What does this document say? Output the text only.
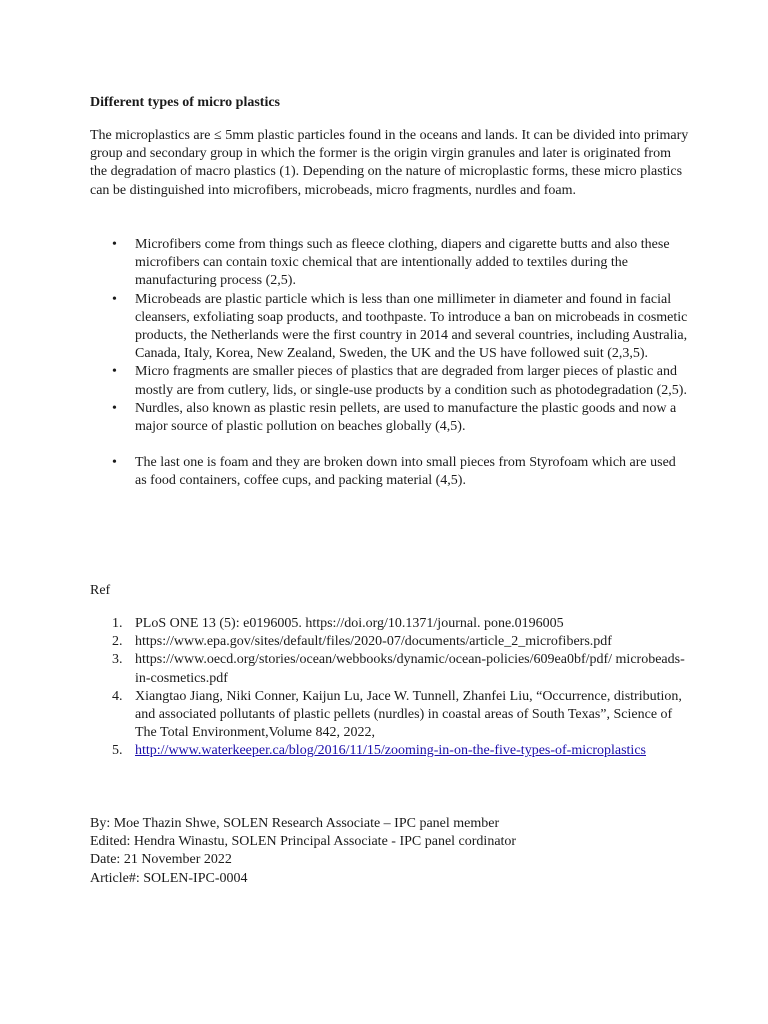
Different types of micro plastics
The microplastics are ≤ 5mm plastic particles found in the oceans and lands. It can be divided into primary group and secondary group in which the former is the origin virgin granules and later is originated from the degradation of macro plastics (1). Depending on the nature of microplastic forms, these micro plastics can be distinguished into microfibers, microbeads, micro fragments, nurdles and foam.
• Microfibers come from things such as fleece clothing, diapers and cigarette butts and also these microfibers can contain toxic chemical that are intentionally added to textiles during the manufacturing process (2,5).
• Microbeads are plastic particle which is less than one millimeter in diameter and found in facial cleansers, exfoliating soap products, and toothpaste. To introduce a ban on microbeads in cosmetic products, the Netherlands were the first country in 2014 and several countries, including Australia, Canada, Italy, Korea, New Zealand, Sweden, the UK and the US have followed suit (2,3,5).
• Micro fragments are smaller pieces of plastics that are degraded from larger pieces of plastic and mostly are from cutlery, lids, or single-use products by a condition such as photodegradation (2,5).
• Nurdles, also known as plastic resin pellets, are used to manufacture the plastic goods and now a major source of plastic pollution on beaches globally (4,5).
• The last one is foam and they are broken down into small pieces from Styrofoam which are used as food containers, coffee cups, and packing material (4,5).
Ref
1. PLoS ONE 13 (5): e0196005. https://doi.org/10.1371/journal. pone.0196005
2. https://www.epa.gov/sites/default/files/2020-07/documents/article_2_microfibers.pdf
3. https://www.oecd.org/stories/ocean/webbooks/dynamic/ocean-policies/609ea0bf/pdf/ microbeads-in-cosmetics.pdf
4. Xiangtao Jiang, Niki Conner, Kaijun Lu, Jace W. Tunnell, Zhanfei Liu, “Occurrence, distribution, and associated pollutants of plastic pellets (nurdles) in coastal areas of South Texas”, Science of The Total Environment,Volume 842, 2022,
5. http://www.waterkeeper.ca/blog/2016/11/15/zooming-in-on-the-five-types-of-microplastics
By: Moe Thazin Shwe, SOLEN Research Associate – IPC panel member
Edited: Hendra Winastu, SOLEN Principal Associate - IPC panel cordinator
Date: 21 November 2022
Article#: SOLEN-IPC-0004
